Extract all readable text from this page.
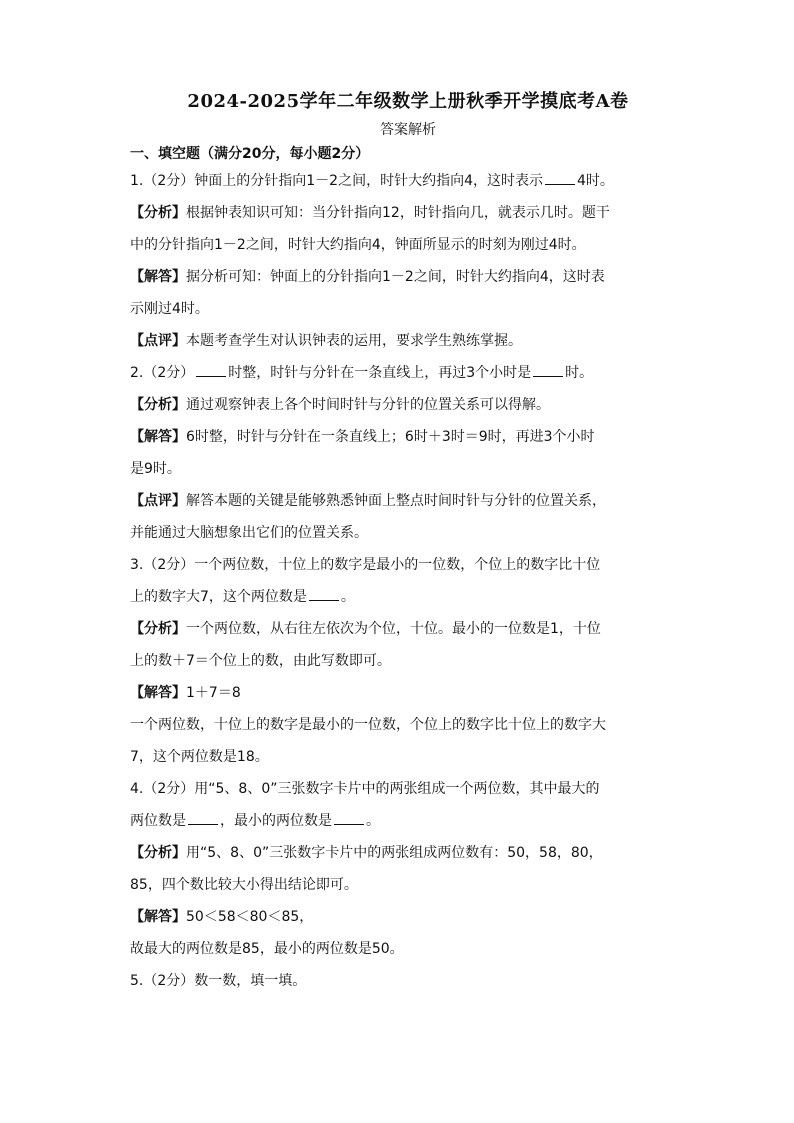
2024-2025学年二年级数学上册秋季开学摸底考A卷
答案解析
一、填空题（满分20分，每小题2分）
1.（2分）钟面上的分针指向1－2之间，时针大约指向4，这时表示 4时。
【分析】根据钟表知识可知：当分针指向12，时针指向几，就表示几时。题干
中的分针指向1－2之间，时针大约指向4，钟面所显示的时刻为刚过4时。
【解答】据分析可知：钟面上的分针指向1－2之间，时针大约指向4，这时表
示刚过4时。
【点评】本题考查学生对认识钟表的运用，要求学生熟练掌握。
2.（2分） 时整，时针与分针在一条直线上，再过3个小时是 时。
【分析】通过观察钟表上各个时间时针与分针的位置关系可以得解。
【解答】6时整，时针与分针在一条直线上；6时＋3时＝9时，再进3个小时
是9时。
【点评】解答本题的关键是能够熟悉钟面上整点时间时针与分针的位置关系，
并能通过大脑想象出它们的位置关系。
3.（2分）一个两位数，十位上的数字是最小的一位数，个位上的数字比十位
上的数字大7，这个两位数是 。
【分析】一个两位数，从右往左依次为个位，十位。最小的一位数是1，十位
上的数＋7＝个位上的数，由此写数即可。
【解答】1＋7＝8
一个两位数，十位上的数字是最小的一位数，个位上的数字比十位上的数字大
7，这个两位数是18。
4.（2分）用“5、8、0”三张数字卡片中的两张组成一个两位数，其中最大的
两位数是 ，最小的两位数是 。
【分析】用“5、8、0”三张数字卡片中的两张组成两位数有：50，58，80，
85，四个数比较大小得出结论即可。
【解答】50＜58＜80＜85，
故最大的两位数是85，最小的两位数是50。
5.（2分）数一数，填一填。
